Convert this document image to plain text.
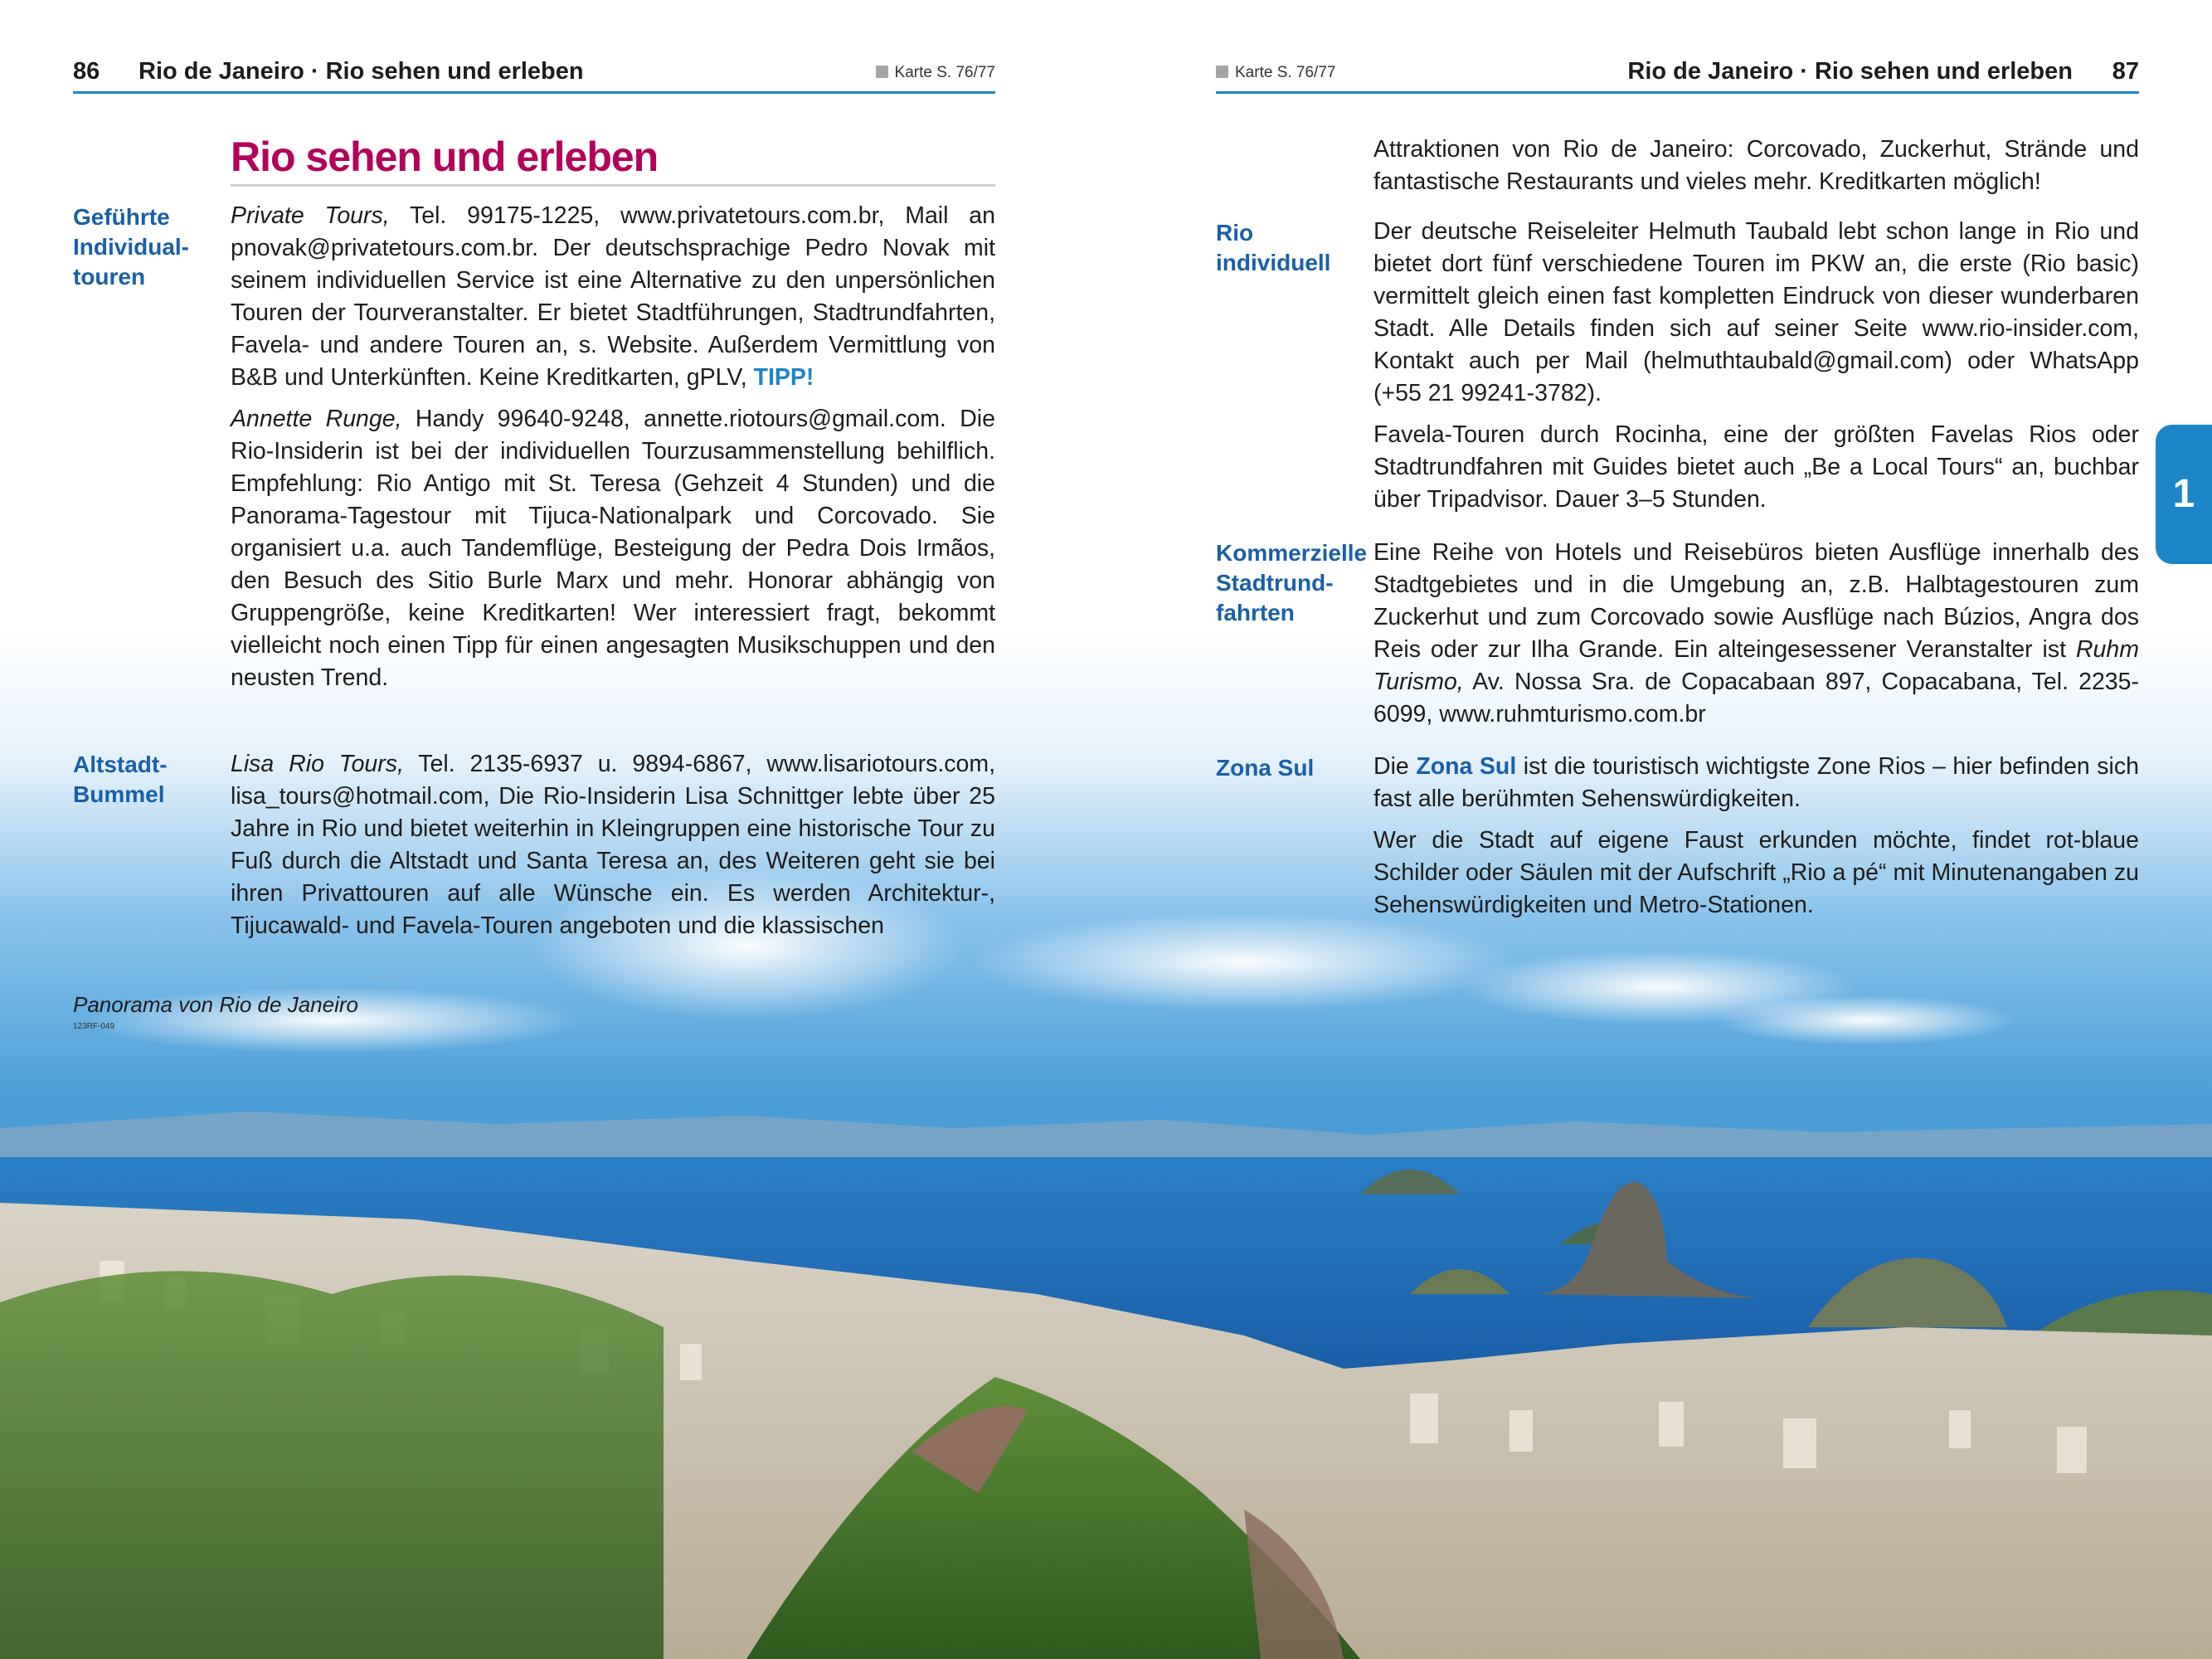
86 Rio de Janeiro · Rio sehen und erleben	Karte S. 76/77
Rio sehen und erleben
Geführte
Individual-
touren

Private Tours, Tel. 99175-1225, www.privatetours.com.br, Mail an pnovak@privatetours.com.br. Der deutschsprachige Pedro Novak mit seinem individuellen Service ist eine Alternative zu den unpersönlichen Touren der Tourveranstalter. Er bietet Stadtführungen, Stadtrundfahrten, Favela- und andere Touren an, s. Website. Außerdem Vermittlung von B&B und Unterkünften. Keine Kreditkarten, gPLV, TIPP!

Annette Runge, Handy 99640-9248, annette.riotours@gmail.com. Die Rio-Insiderin ist bei der individuellen Tourzusammenstellung behilflich. Empfehlung: Rio Antigo mit St. Teresa (Gehzeit 4 Stunden) und die Panorama-Tagestour mit Tijuca-Nationalpark und Corcovado. Sie organisiert u.a. auch Tandemflüge, Besteigung der Pedra Dois Irmãos, den Besuch des Sitio Burle Marx und mehr. Honorar abhängig von Gruppengröße, keine Kreditkarten! Wer interessiert fragt, bekommt vielleicht noch einen Tipp für einen angesagten Musikschuppen und den neusten Trend.

Altstadt-
Bummel

Lisa Rio Tours, Tel. 2135-6937 u. 9894-6867, www.lisariotours.com, lisa_tours@hotmail.com, Die Rio-Insiderin Lisa Schnittger lebte über 25 Jahre in Rio und bietet weiterhin in Kleingruppen eine historische Tour zu Fuß durch die Altstadt und Santa Teresa an, des Weiteren geht sie bei ihren Privattouren auf alle Wünsche ein. Es werden Architektur-, Tijucawald- und Favela-Touren angeboten und die klassischen

Panorama von Rio de Janeiro
123RF-049
Karte S. 76/77	Rio de Janeiro · Rio sehen und erleben 87

Attraktionen von Rio de Janeiro: Corcovado, Zuckerhut, Strände und fantastische Restaurants und vieles mehr. Kreditkarten möglich!

Rio individuell

Der deutsche Reiseleiter Helmuth Taubald lebt schon lange in Rio und bietet dort fünf verschiedene Touren im PKW an, die erste (Rio basic) vermittelt gleich einen fast kompletten Eindruck von dieser wunderbaren Stadt. Alle Details finden sich auf seiner Seite www.rio-insider.com, Kontakt auch per Mail (helmuthtaubald@gmail.com) oder WhatsApp (+55 21 99241-3782).

Favela-Touren durch Rocinha, eine der größten Favelas Rios oder Stadtrundfahren mit Guides bietet auch „Be a Local Tours“ an, buchbar über Tripadvisor. Dauer 3–5 Stunden.

Kommerzielle
Stadtrund-
fahrten

Eine Reihe von Hotels und Reisebüros bieten Ausflüge innerhalb des Stadtgebietes und in die Umgebung an, z.B. Halbtagestouren zum Zuckerhut und zum Corcovado sowie Ausflüge nach Búzios, Angra dos Reis oder zur Ilha Grande. Ein alteingesessener Veranstalter ist Ruhm Turismo, Av. Nossa Sra. de Copacabaan 897, Copacabana, Tel. 2235-6099, www.ruhmturismo.com.br

Zona Sul	Die Zona Sul ist die touristisch wichtigste Zone Rios – hier befinden sich fast alle berühmten Sehenswürdigkeiten.

Wer die Stadt auf eigene Faust erkunden möchte, findet rot-blaue Schilder oder Säulen mit der Aufschrift „Rio a pé“ mit Minutenangaben zu Sehenswürdigkeiten und Metro-Stationen.

1
